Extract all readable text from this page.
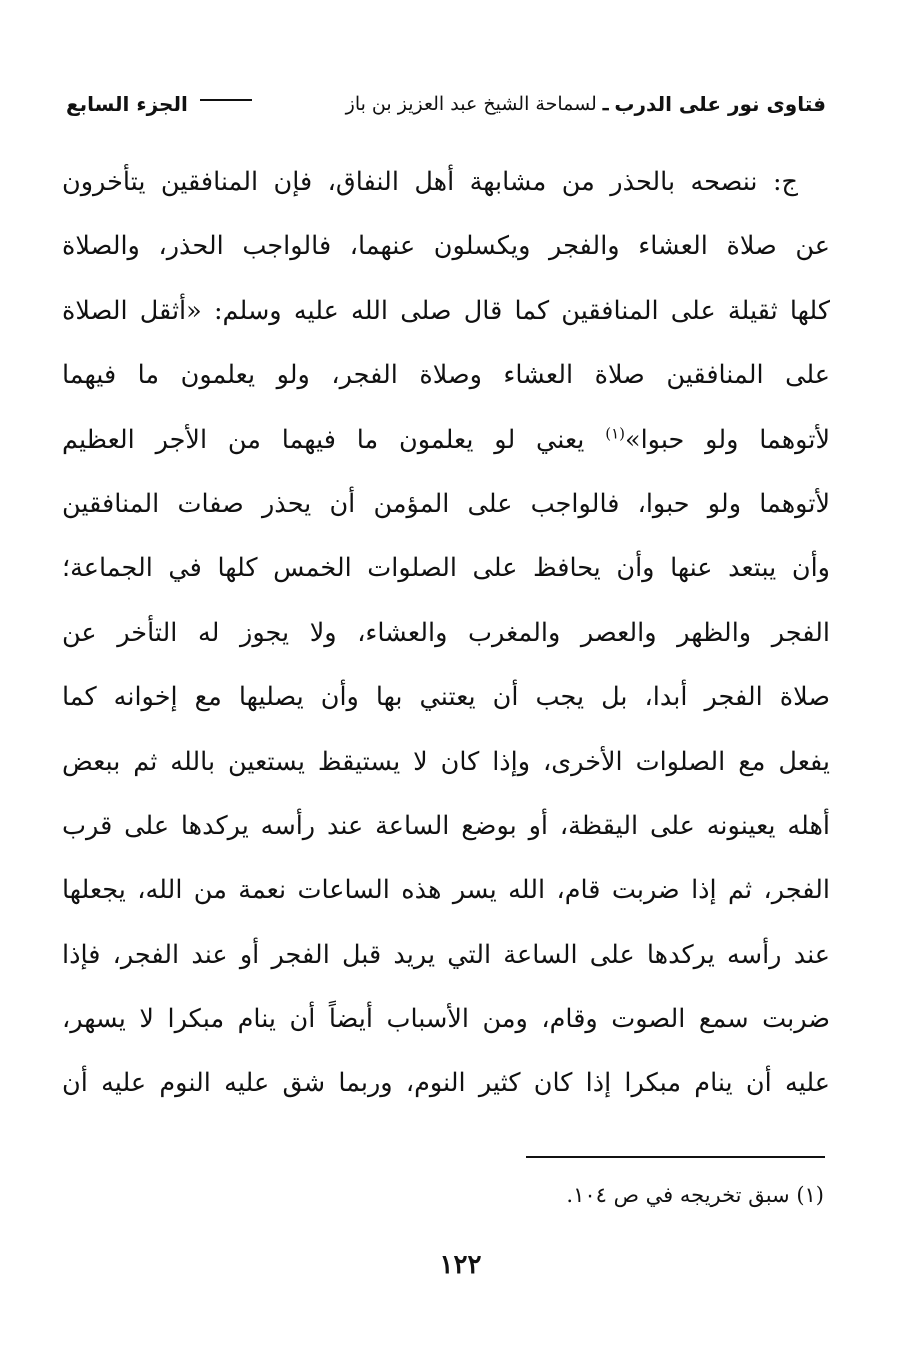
فتاوى نور على الدرب
ـ
لسماحة الشيخ عبد العزيز بن باز
الجزء السابع
ج: ننصحه بالحذر من مشابهة أهل النفاق، فإن المنافقين يتأخرون
عن صلاة العشاء والفجر ويكسلون عنهما، فالواجب الحذر، والصلاة
كلها ثقيلة على المنافقين كما قال صلى الله عليه وسلم: «أثقل الصلاة
على المنافقين صلاة العشاء وصلاة الفجر، ولو يعلمون ما فيهما
لأتوهما ولو حبوا»$^{(١)}$ يعني لو يعلمون ما فيهما من الأجر العظيم
لأتوهما ولو حبوا، فالواجب على المؤمن أن يحذر صفات المنافقين
وأن يبتعد عنها وأن يحافظ على الصلوات الخمس كلها في الجماعة؛
الفجر والظهر والعصر والمغرب والعشاء، ولا يجوز له التأخر عن
صلاة الفجر أبدا، بل يجب أن يعتني بها وأن يصليها مع إخوانه كما
يفعل مع الصلوات الأخرى، وإذا كان لا يستيقظ يستعين بالله ثم ببعض
أهله يعينونه على اليقظة، أو بوضع الساعة عند رأسه يركدها على قرب
الفجر، ثم إذا ضربت قام، الله يسر هذه الساعات نعمة من الله، يجعلها
عند رأسه يركدها على الساعة التي يريد قبل الفجر أو عند الفجر، فإذا
ضربت سمع الصوت وقام، ومن الأسباب أيضاً أن ينام مبكرا لا يسهر،
عليه أن ينام مبكرا إذا كان كثير النوم، وربما شق عليه النوم عليه أن
(١) سبق تخريجه في ص ١٠٤.
١٢٢
